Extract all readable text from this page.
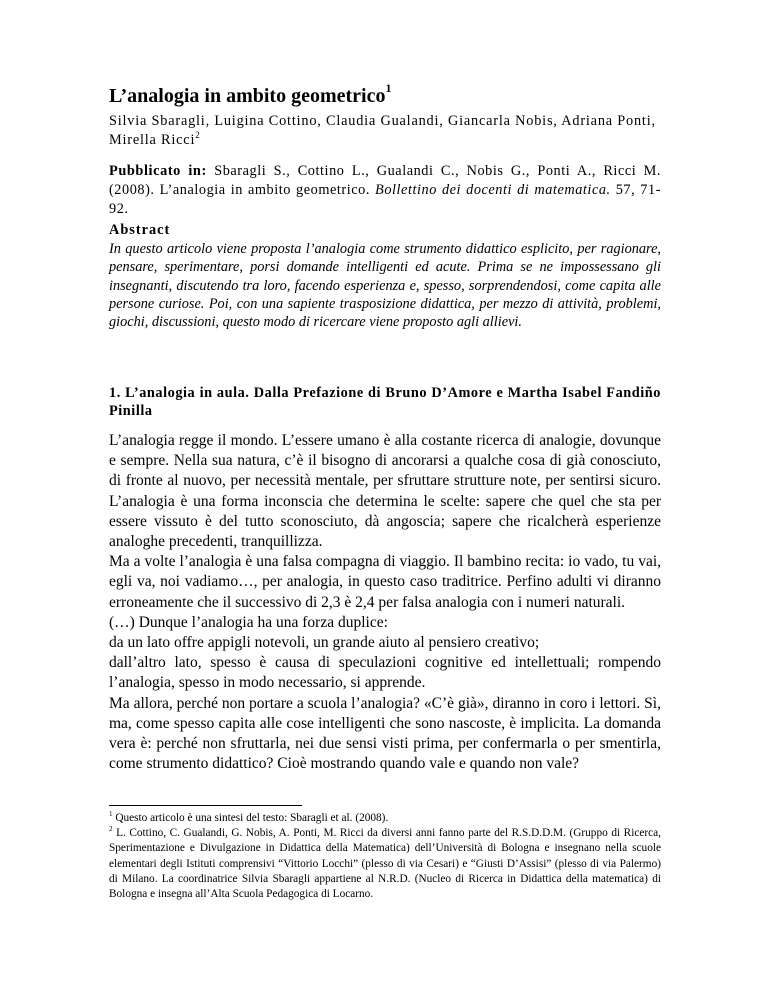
L’analogia in ambito geometrico$^1$
Silvia Sbaragli, Luigina Cottino, Claudia Gualandi, Giancarla Nobis, Adriana Ponti, Mirella Ricci$^2$
Pubblicato in: Sbaragli S., Cottino L., Gualandi C., Nobis G., Ponti A., Ricci M. (2008). L’analogia in ambito geometrico. Bollettino dei docenti di matematica. 57, 71-92.
Abstract
In questo articolo viene proposta l’analogia come strumento didattico esplicito, per ragionare, pensare, sperimentare, porsi domande intelligenti ed acute. Prima se ne impossessano gli insegnanti, discutendo tra loro, facendo esperienza e, spesso, sorprendendosi, come capita alle persone curiose. Poi, con una sapiente trasposizione didattica, per mezzo di attività, problemi, giochi, discussioni, questo modo di ricercare viene proposto agli allievi.
1. L’analogia in aula. Dalla Prefazione di Bruno D’Amore e Martha Isabel Fandiño Pinilla

L’analogia regge il mondo. L’essere umano è alla costante ricerca di analogie, dovunque e sempre. Nella sua natura, c’è il bisogno di ancorarsi a qualche cosa di già conosciuto, di fronte al nuovo, per necessità mentale, per sfruttare strutture note, per sentirsi sicuro. L’analogia è una forma inconscia che determina le scelte: sapere che quel che sta per essere vissuto è del tutto sconosciuto, dà angoscia; sapere che ricalcherà esperienze analoghe precedenti, tranquillizza.

Ma a volte l’analogia è una falsa compagna di viaggio. Il bambino recita: io vado, tu vai, egli va, noi vadiamo…, per analogia, in questo caso traditrice. Perfino adulti vi diranno erroneamente che il successivo di 2,3 è 2,4 per falsa analogia con i numeri naturali.

(…) Dunque l’analogia ha una forza duplice:

da un lato offre appigli notevoli, un grande aiuto al pensiero creativo;

dall’altro lato, spesso è causa di speculazioni cognitive ed intellettuali; rompendo l’analogia, spesso in modo necessario, si apprende.

Ma allora, perché non portare a scuola l’analogia? «C’è già», diranno in coro i lettori. Sì, ma, come spesso capita alle cose intelligenti che sono nascoste, è implicita. La domanda vera è: perché non sfruttarla, nei due sensi visti prima, per confermarla o per smentirla, come strumento didattico? Cioè mostrando quando vale e quando non vale?

$^1$ Questo articolo è una sintesi del testo: Sbaragli et al. (2008).

$^2$ L. Cottino, C. Gualandi, G. Nobis, A. Ponti, M. Ricci da diversi anni fanno parte del R.S.D.D.M. (Gruppo di Ricerca, Sperimentazione e Divulgazione in Didattica della Matematica) dell’Università di Bologna e insegnano nella scuole elementari degli Istituti comprensivi “Vittorio Locchi” (plesso di via Cesari) e “Giusti D’Assisi” (plesso di via Palermo) di Milano. La coordinatrice Silvia Sbaragli appartiene al N.R.D. (Nucleo di Ricerca in Didattica della matematica) di Bologna e insegna all’Alta Scuola Pedagogica di Locarno.
